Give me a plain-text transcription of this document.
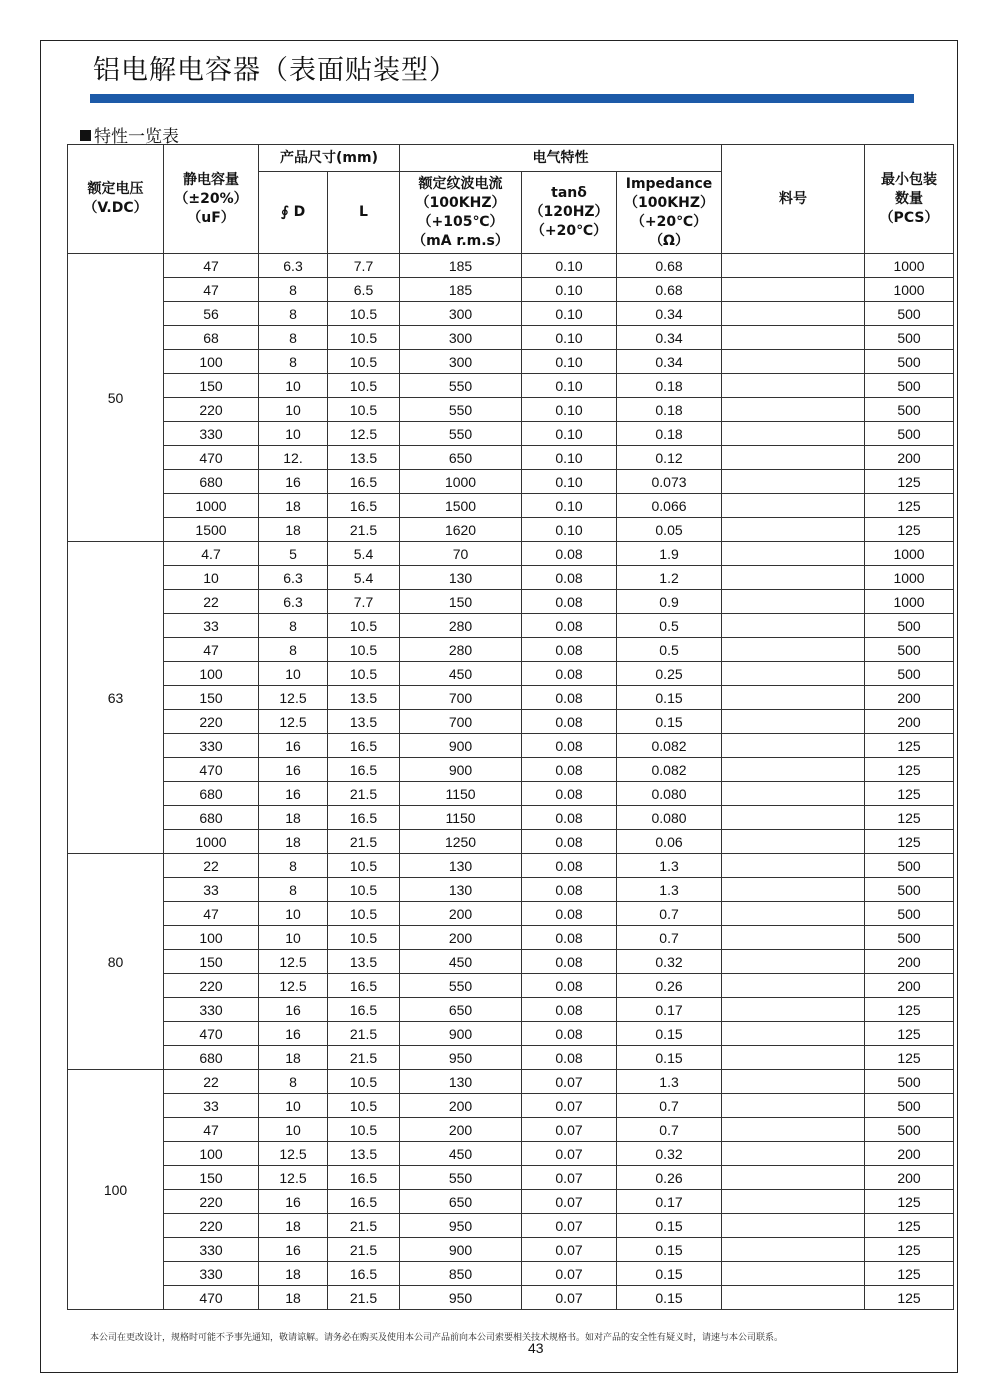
铝电解电容器（表面贴装型）
特性一览表
额定电压
（V.DC）	静电容量
（±20%）
（uF）	产品尺寸(mm)		电气特性			料号	最小包装
数量
（PCS）
		∮ D	L	额定纹波电流
（100KHZ）
（+105℃）
（mA r.m.s）	tanδ
（120HZ）
（+20℃）	Impedance
（100KHZ）
（+20℃）
（Ω）		
50	47	6.3	7.7	185	0.10	0.68		1000
	47	8	6.5	185	0.10	0.68		1000
	56	8	10.5	300	0.10	0.34		500
	68	8	10.5	300	0.10	0.34		500
	100	8	10.5	300	0.10	0.34		500
	150	10	10.5	550	0.10	0.18		500
	220	10	10.5	550	0.10	0.18		500
	330	10	12.5	550	0.10	0.18		500
	470	12.	13.5	650	0.10	0.12		200
	680	16	16.5	1000	0.10	0.073		125
	1000	18	16.5	1500	0.10	0.066		125
	1500	18	21.5	1620	0.10	0.05		125
63	4.7	5	5.4	70	0.08	1.9		1000
	10	6.3	5.4	130	0.08	1.2		1000
	22	6.3	7.7	150	0.08	0.9		1000
	33	8	10.5	280	0.08	0.5		500
	47	8	10.5	280	0.08	0.5		500
	100	10	10.5	450	0.08	0.25		500
	150	12.5	13.5	700	0.08	0.15		200
	220	12.5	13.5	700	0.08	0.15		200
	330	16	16.5	900	0.08	0.082		125
	470	16	16.5	900	0.08	0.082		125
	680	16	21.5	1150	0.08	0.080		125
	680	18	16.5	1150	0.08	0.080		125
	1000	18	21.5	1250	0.08	0.06		125
80	22	8	10.5	130	0.08	1.3		500
	33	8	10.5	130	0.08	1.3		500
	47	10	10.5	200	0.08	0.7		500
	100	10	10.5	200	0.08	0.7		500
	150	12.5	13.5	450	0.08	0.32		200
	220	12.5	16.5	550	0.08	0.26		200
	330	16	16.5	650	0.08	0.17		125
	470	16	21.5	900	0.08	0.15		125
	680	18	21.5	950	0.08	0.15		125
100	22	8	10.5	130	0.07	1.3		500
	33	10	10.5	200	0.07	0.7		500
	47	10	10.5	200	0.07	0.7		500
	100	12.5	13.5	450	0.07	0.32		200
	150	12.5	16.5	550	0.07	0.26		200
	220	16	16.5	650	0.07	0.17		125
	220	18	21.5	950	0.07	0.15		125
	330	16	21.5	900	0.07	0.15		125
	330	18	16.5	850	0.07	0.15		125
	470	18	21.5	950	0.07	0.15		125
本公司在更改设计，规格时可能不予事先通知，敬请谅解。请务必在购买及使用本公司产品前向本公司索要相关技术规格书。如对产品的安全性有疑义时，请速与本公司联系。
43
